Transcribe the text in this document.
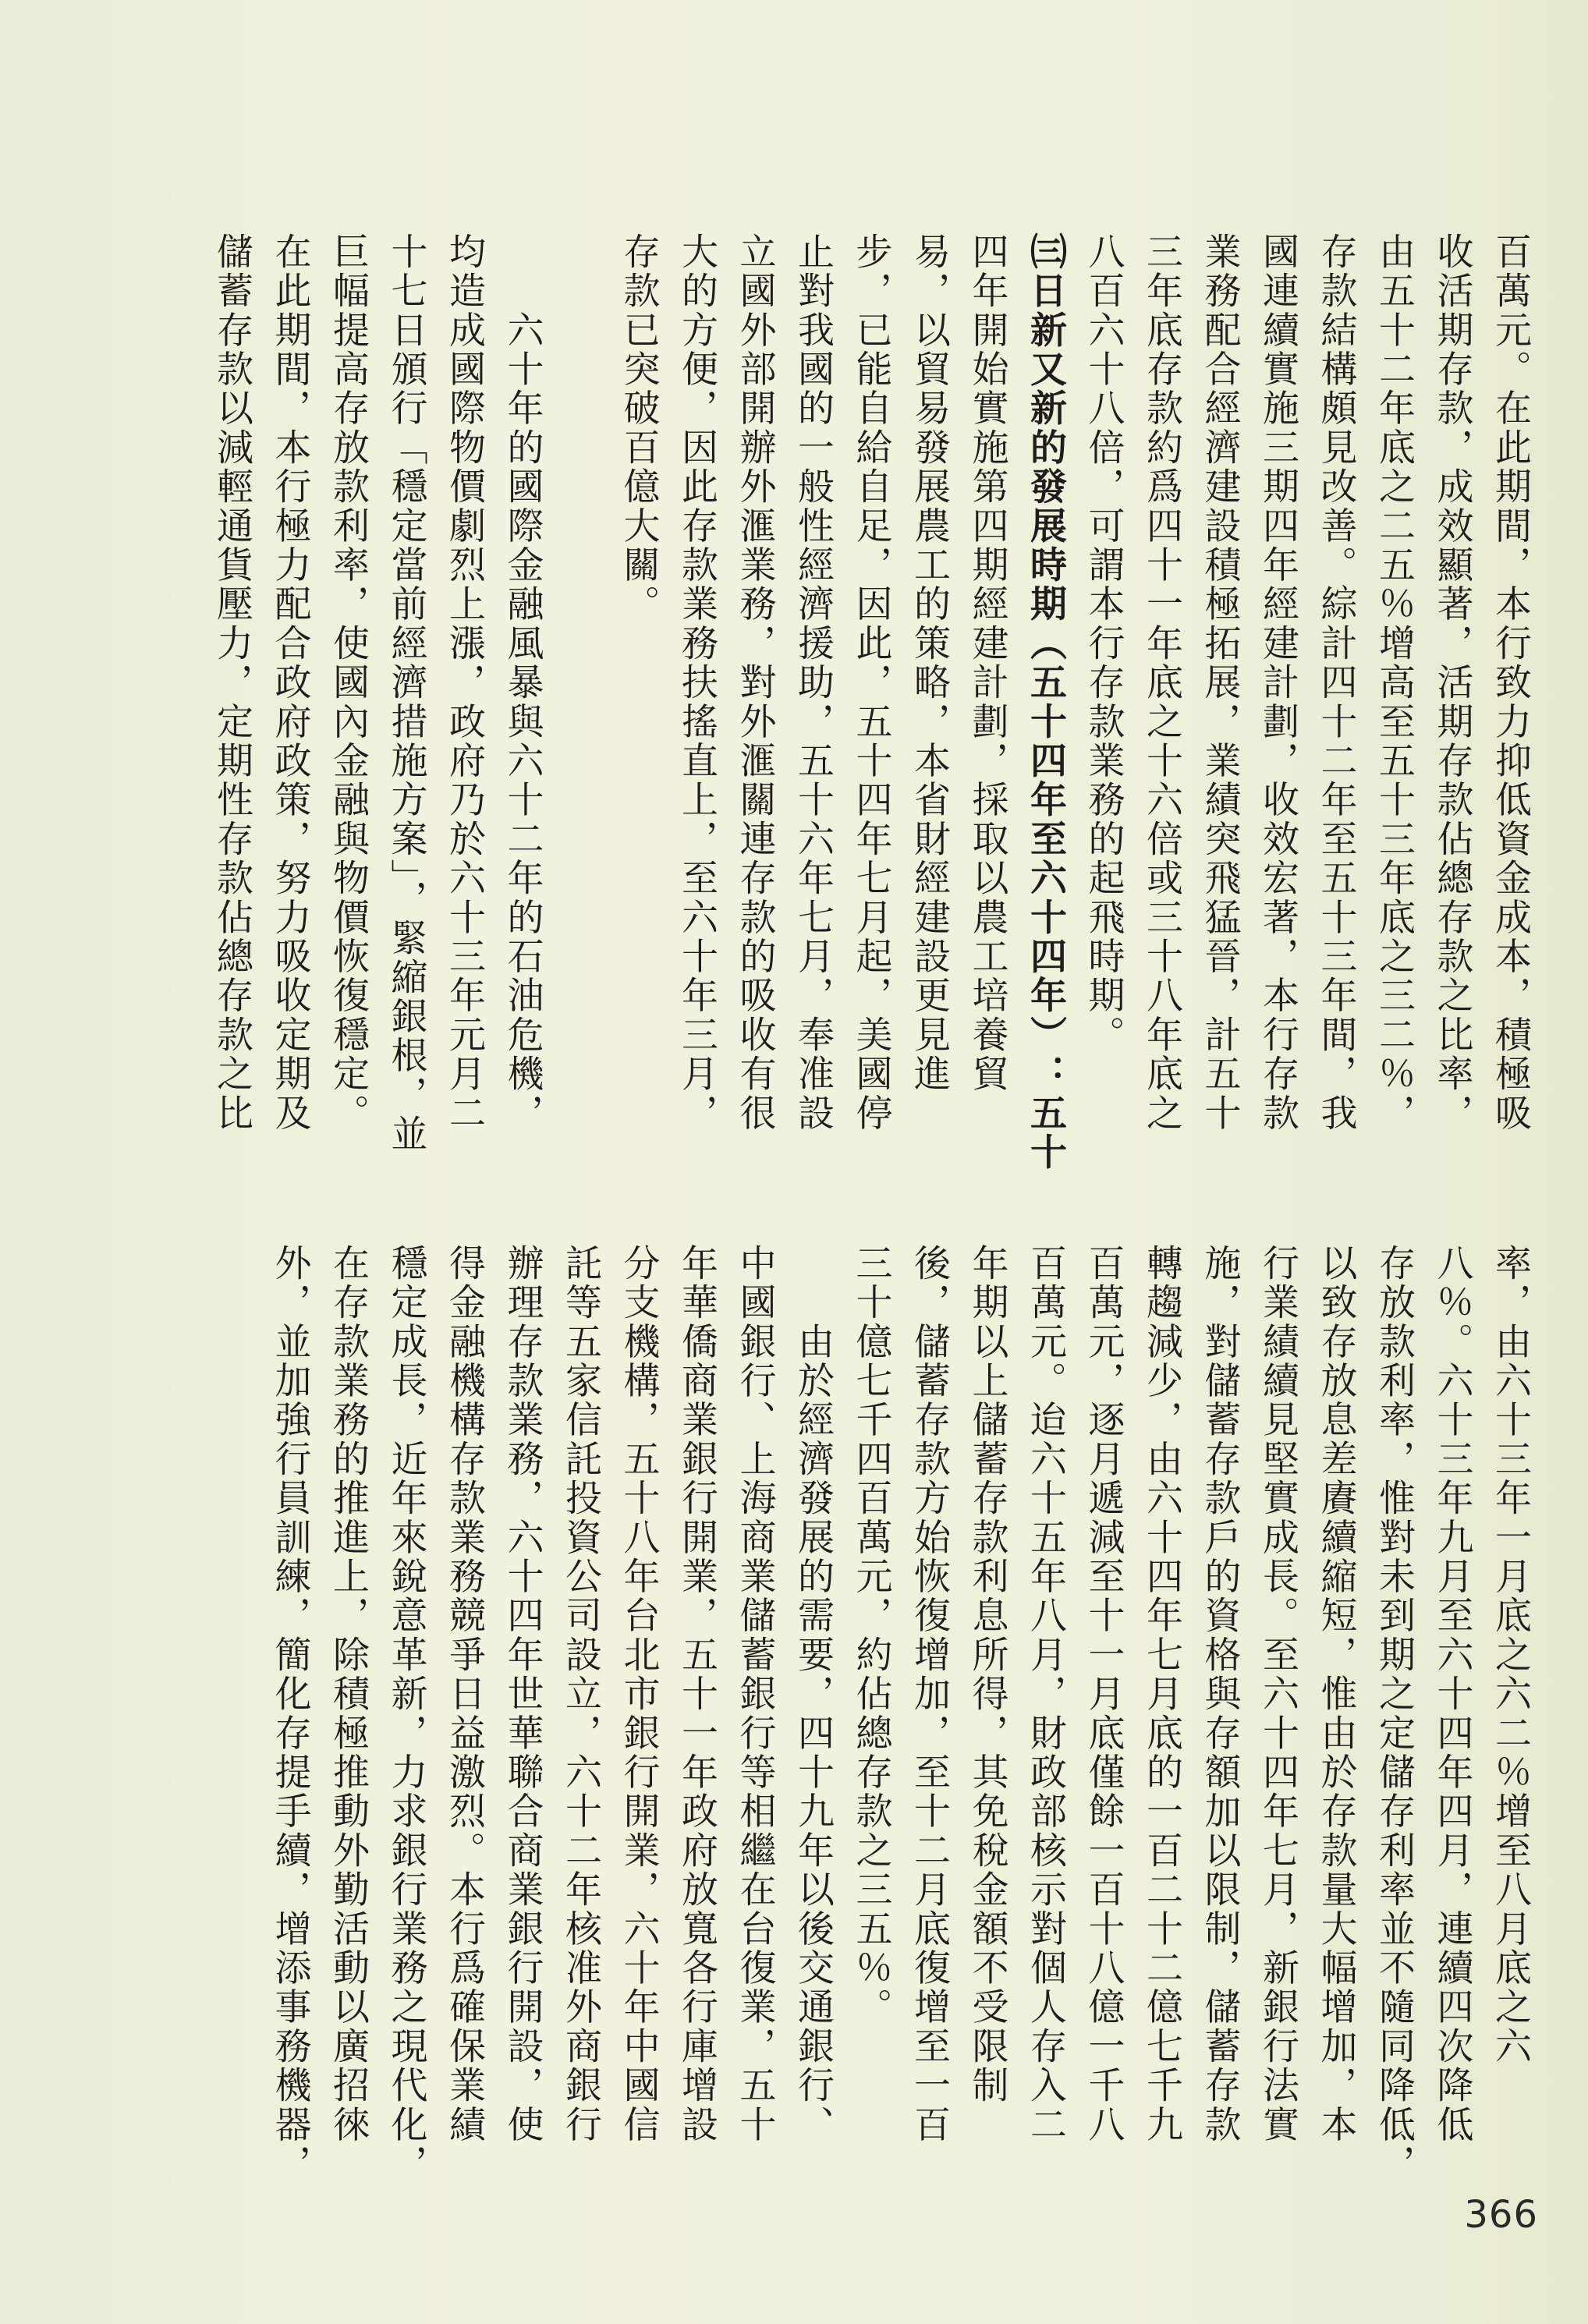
百萬元。在此期間，本行致力抑低資金成本，積極吸
收活期存款，成效顯著，活期存款佔總存款之比率，
由五十二年底之二五％增高至五十三年底之三二％，
存款結構頗見改善。綜計四十二年至五十三年間，我
國連續實施三期四年經建計劃，收效宏著，本行存款
業務配合經濟建設積極拓展，業績突飛猛晉，計五十
三年底存款約爲四十一年底之十六倍或三十八年底之
八百六十八倍，可謂本行存款業務的起飛時期。
㈢日新又新的發展時期（五十四年至六十四年）：五十
四年開始實施第四期經建計劃，採取以農工培養貿
易，以貿易發展農工的策略，本省財經建設更見進
步，已能自給自足，因此，五十四年七月起，美國停
止對我國的一般性經濟援助，五十六年七月，奉准設
立國外部開辦外滙業務，對外滙關連存款的吸收有很
大的方便，因此存款業務扶搖直上，至六十年三月，
存款已突破百億大關。

　　六十年的國際金融風暴與六十二年的石油危機，
均造成國際物價劇烈上漲，政府乃於六十三年元月二
十七日頒行「穩定當前經濟措施方案」，緊縮銀根，並
巨幅提高存放款利率，使國內金融與物價恢復穩定。
在此期間，本行極力配合政府政策，努力吸收定期及
儲蓄存款以減輕通貨壓力，定期性存款佔總存款之比
率，由六十三年一月底之六二％增至八月底之六
八％。六十三年九月至六十四年四月，連續四次降低
存放款利率，惟對未到期之定儲存利率並不隨同降低，
以致存放息差賡續縮短，惟由於存款量大幅增加，本
行業績續見堅實成長。至六十四年七月，新銀行法實
施，對儲蓄存款戶的資格與存額加以限制，儲蓄存款
轉趨減少，由六十四年七月底的一百二十二億七千九
百萬元，逐月遞減至十一月底僅餘一百十八億一千八
百萬元。迨六十五年八月，財政部核示對個人存入二
年期以上儲蓄存款利息所得，其免稅金額不受限制
後，儲蓄存款方始恢復增加，至十二月底復增至一百
三十億七千四百萬元，約佔總存款之三五％。
　　由於經濟發展的需要，四十九年以後交通銀行、
中國銀行、上海商業儲蓄銀行等相繼在台復業，五十
年華僑商業銀行開業，五十一年政府放寬各行庫增設
分支機構，五十八年台北市銀行開業，六十年中國信
託等五家信託投資公司設立，六十二年核准外商銀行
辦理存款業務，六十四年世華聯合商業銀行開設，使
得金融機構存款業務競爭日益激烈。本行爲確保業績
穩定成長，近年來銳意革新，力求銀行業務之現代化，
在存款業務的推進上，除積極推動外勤活動以廣招徠
外，並加強行員訓練，簡化存提手續，增添事務機器，
366
